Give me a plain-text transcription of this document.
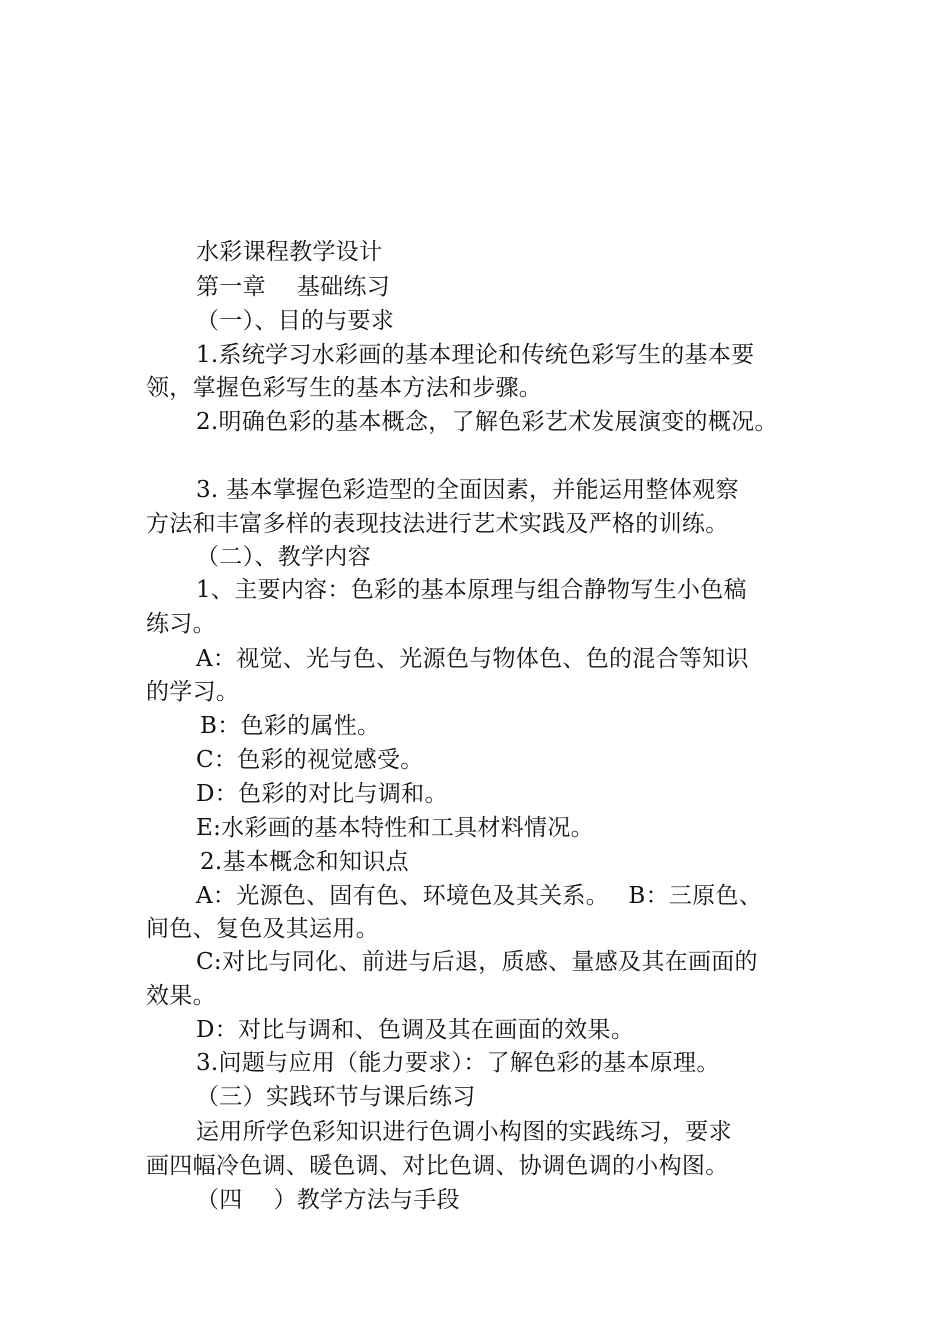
水彩课程教学设计
第一章　 基础练习
（一）、目的与要求
1.系统学习水彩画的基本理论和传统色彩写生的基本要
领，掌握色彩写生的基本方法和步骤。
2.明确色彩的基本概念，了解色彩艺术发展演变的概况。
3. 基本掌握色彩造型的全面因素，并能运用整体观察
方法和丰富多样的表现技法进行艺术实践及严格的训练。
（二）、教学内容
1、主要内容：色彩的基本原理与组合静物写生小色稿
练习。
A：视觉、光与色、光源色与物体色、色的混合等知识
的学习。
B：色彩的属性。
C：色彩的视觉感受。
D：色彩的对比与调和。
E:水彩画的基本特性和工具材料情况。
2.基本概念和知识点
A：光源色、固有色、环境色及其关系。　 B：三原色、
间色、复色及其运用。
C:对比与同化、前进与后退，质感、量感及其在画面的
效果。
D：对比与调和、色调及其在画面的效果。
3.问题与应用（能力要求）：了解色彩的基本原理。
（三）实践环节与课后练习
运用所学色彩知识进行色调小构图的实践练习，要求
画四幅冷色调、暖色调、对比色调、协调色调的小构图。
（四　 ）教学方法与手段
